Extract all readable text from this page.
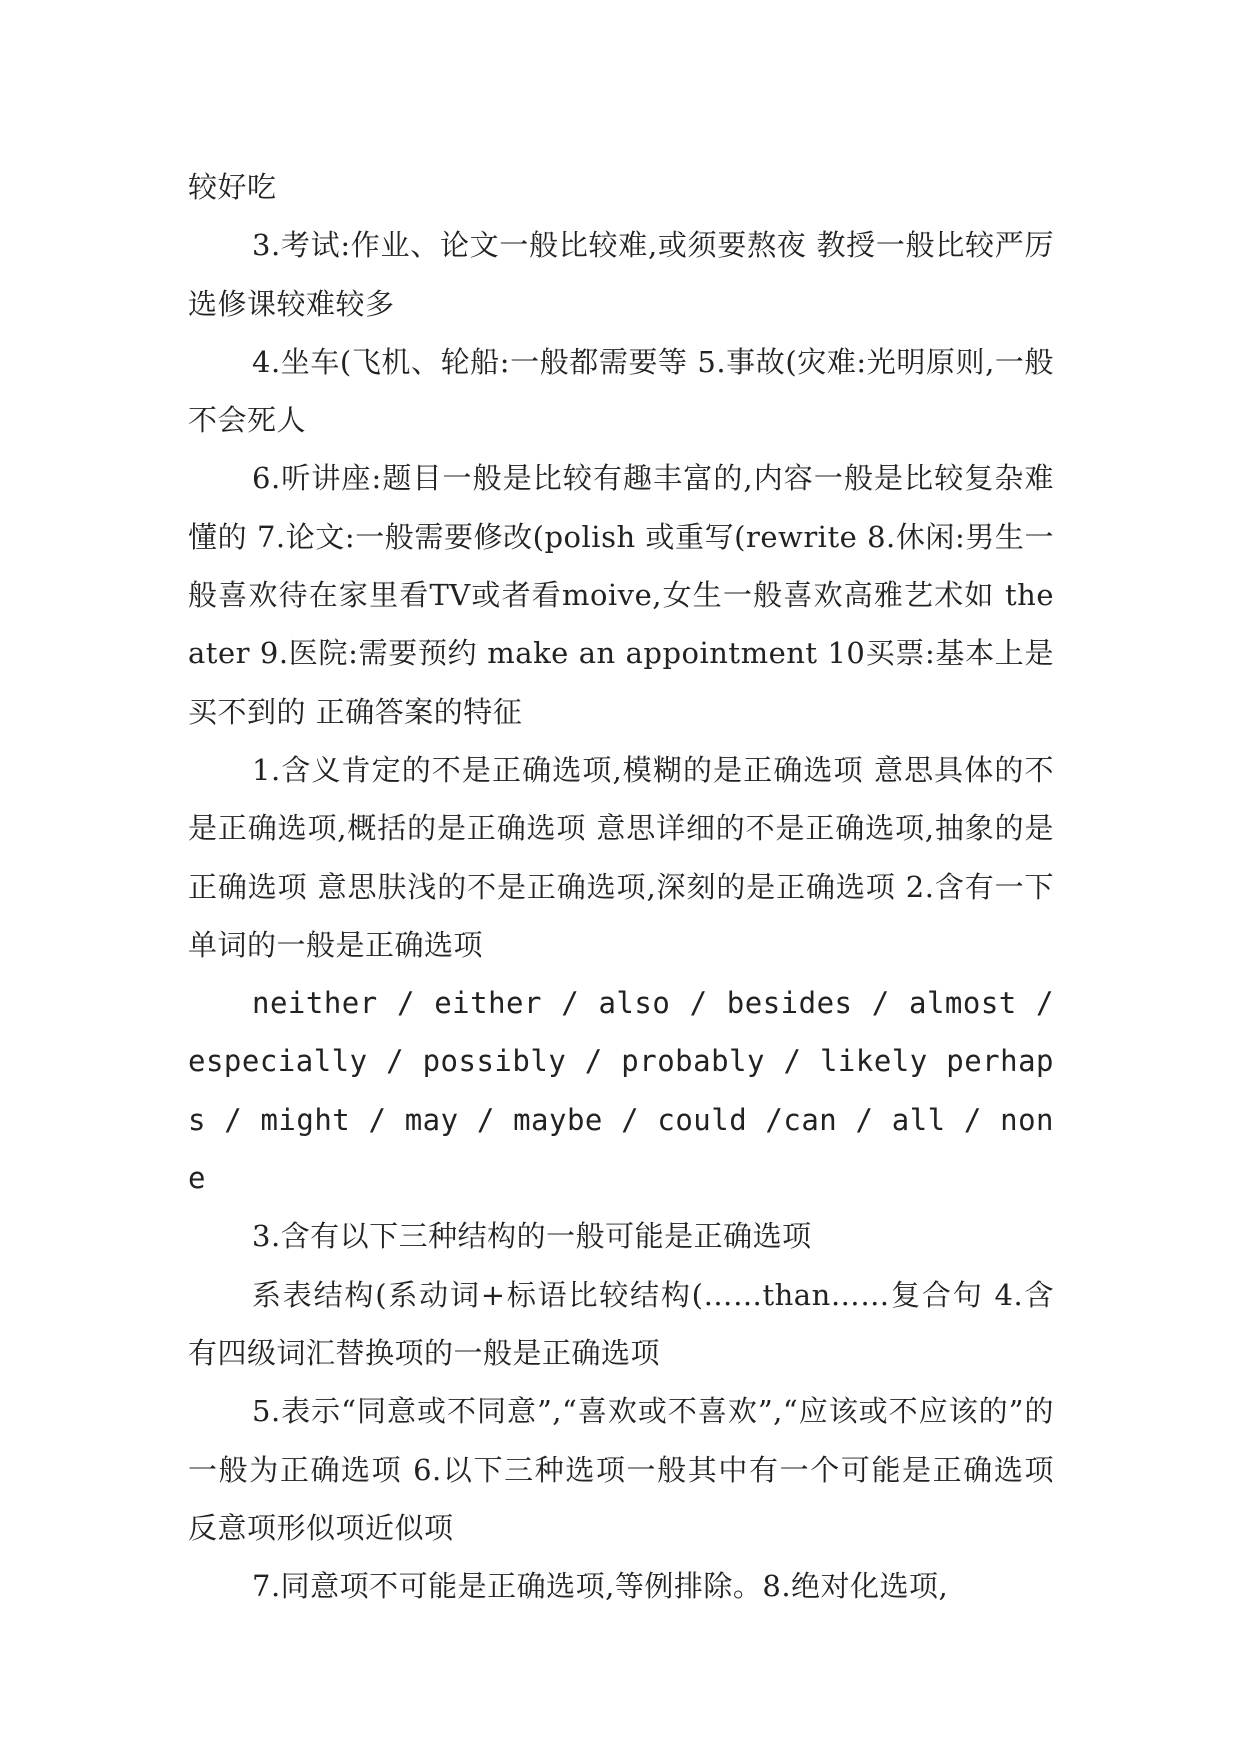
较好吃

3.考试:作业、论文一般比较难,或须要熬夜 教授一般比较严厉 选修课较难较多

4.坐车(飞机、轮船:一般都需要等 5.事故(灾难:光明原则,一般不会死人

6.听讲座:题目一般是比较有趣丰富的,内容一般是比较复杂难懂的 7.论文:一般需要修改(polish 或重写(rewrite 8.休闲:男生一般喜欢待在家里看TV或者看moive,女生一般喜欢高雅艺术如 theater 9.医院:需要预约 make an appointment 10买票:基本上是买不到的 正确答案的特征

1.含义肯定的不是正确选项,模糊的是正确选项 意思具体的不是正确选项,概括的是正确选项 意思详细的不是正确选项,抽象的是正确选项 意思肤浅的不是正确选项,深刻的是正确选项 2.含有一下单词的一般是正确选项

neither / either / also / besides / almost / especially / possibly / probably / likely perhaps / might / may / maybe / could /can / all / none

3.含有以下三种结构的一般可能是正确选项

系表结构(系动词+标语比较结构(……than……复合句 4.含有四级词汇替换项的一般是正确选项

5.表示“同意或不同意”,“喜欢或不喜欢”,“应该或不应该的”的一般为正确选项 6.以下三种选项一般其中有一个可能是正确选项 反意项形似项近似项

7.同意项不可能是正确选项,等例排除。8.绝对化选项,
